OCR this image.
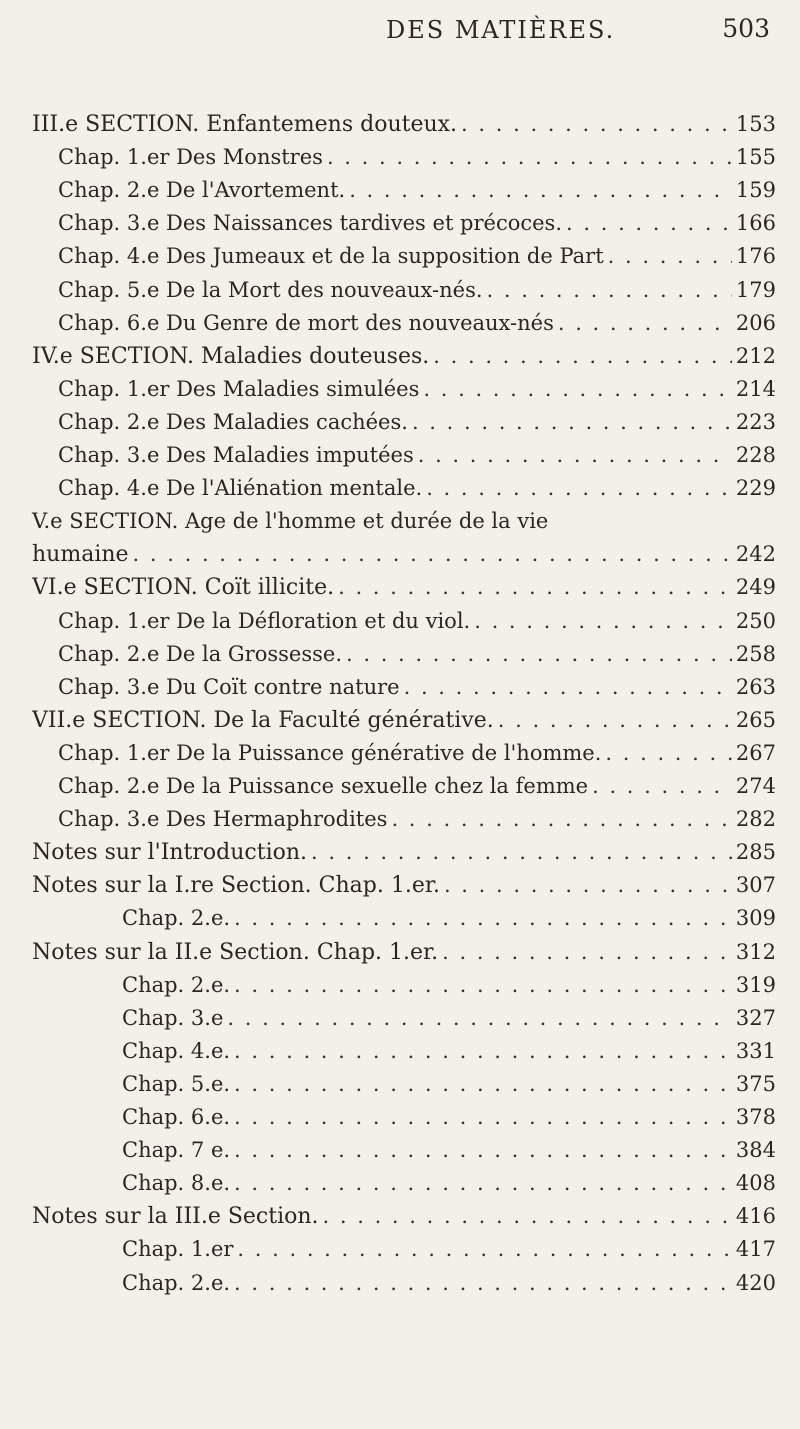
DES MATIÈRES.	503
III.e SECTION. Enfantemens douteux. . . .	153
Chap. 1.er Des Monstres . . .	155
Chap. 2.e De l'Avortement. . . .	159
Chap. 3.e Des Naissances tardives et précoces. . . .	166
Chap. 4.e Des Jumeaux et de la supposition de Part . . .	176
Chap. 5.e De la Mort des nouveaux-nés. . . .	179
Chap. 6.e Du Genre de mort des nouveaux-nés . . .	206
IV.e SECTION. Maladies douteuses. . . .	212
Chap. 1.er Des Maladies simulées . . .	214
Chap. 2.e Des Maladies cachées. . . .	223
Chap. 3.e Des Maladies imputées . . .	228
Chap. 4.e De l'Aliénation mentale. . . .	229
V.e SECTION. Age de l'homme et durée de la vie
humaine . . .	242
VI.e SECTION. Coït illicite. . . .	249
Chap. 1.er De la Défloration et du viol. . . .	250
Chap. 2.e De la Grossesse. . . .	258
Chap. 3.e Du Coït contre nature . . .	263
VII.e SECTION. De la Faculté générative. . . .	265
Chap. 1.er De la Puissance générative de l'homme. . . .	267
Chap. 2.e De la Puissance sexuelle chez la femme . . .	274
Chap. 3.e Des Hermaphrodites . . .	282
Notes sur l'Introduction. . . .	285
Notes sur la I.re Section. Chap. 1.er. . . .	307
Chap. 2.e. . . .	309
Notes sur la II.e Section. Chap. 1.er. . . .	312
Chap. 2.e. . . .	319
Chap. 3.e . . .	327
Chap. 4.e. . . .	331
Chap. 5.e. . . .	375
Chap. 6.e. . . .	378
Chap. 7 e. . . .	384
Chap. 8.e. . . .	408
Notes sur la III.e Section. . . .	416
Chap. 1.er . . .	417
Chap. 2.e. . . .	420
